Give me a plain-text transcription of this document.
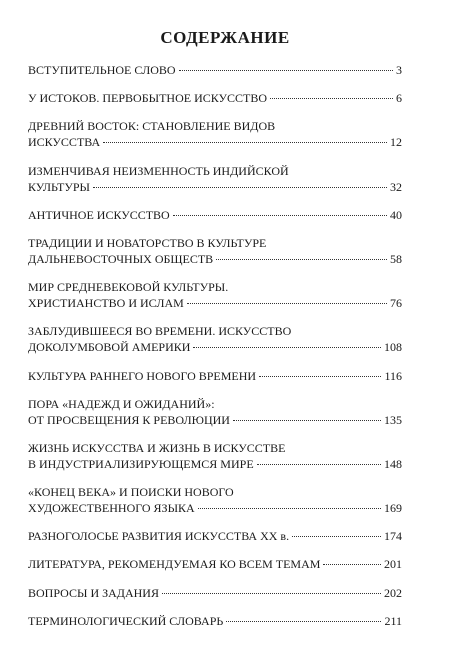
СОДЕРЖАНИЕ
ВСТУПИТЕЛЬНОЕ СЛОВО	3
У ИСТОКОВ. ПЕРВОБЫТНОЕ ИСКУССТВО	6
ДРЕВНИЙ ВОСТОК: СТАНОВЛЕНИЕ ВИДОВ
ИСКУССТВА	12
ИЗМЕНЧИВАЯ НЕИЗМЕННОСТЬ ИНДИЙСКОЙ
КУЛЬТУРЫ	32
АНТИЧНОЕ ИСКУССТВО	40
ТРАДИЦИИ И НОВАТОРСТВО В КУЛЬТУРЕ
ДАЛЬНЕВОСТОЧНЫХ ОБЩЕСТВ	58
МИР СРЕДНЕВЕКОВОЙ КУЛЬТУРЫ.
ХРИСТИАНСТВО И ИСЛАМ	76
ЗАБЛУДИВШЕЕСЯ ВО ВРЕМЕНИ. ИСКУССТВО
ДОКОЛУМБОВОЙ АМЕРИКИ	108
КУЛЬТУРА РАННЕГО НОВОГО ВРЕМЕНИ	116
ПОРА «НАДЕЖД И ОЖИДАНИЙ»:
ОТ ПРОСВЕЩЕНИЯ К РЕВОЛЮЦИИ	135
ЖИЗНЬ ИСКУССТВА И ЖИЗНЬ В ИСКУССТВЕ
В ИНДУСТРИАЛИЗИРУЮЩЕМСЯ МИРЕ	148
«КОНЕЦ ВЕКА» И ПОИСКИ НОВОГО
ХУДОЖЕСТВЕННОГО ЯЗЫКА	169
РАЗНОГОЛОСЬЕ РАЗВИТИЯ ИСКУССТВА XX в.	174
ЛИТЕРАТУРА, РЕКОМЕНДУЕМАЯ КО ВСЕМ ТЕМАМ	201
ВОПРОСЫ И ЗАДАНИЯ	202
ТЕРМИНОЛОГИЧЕСКИЙ СЛОВАРЬ	211
